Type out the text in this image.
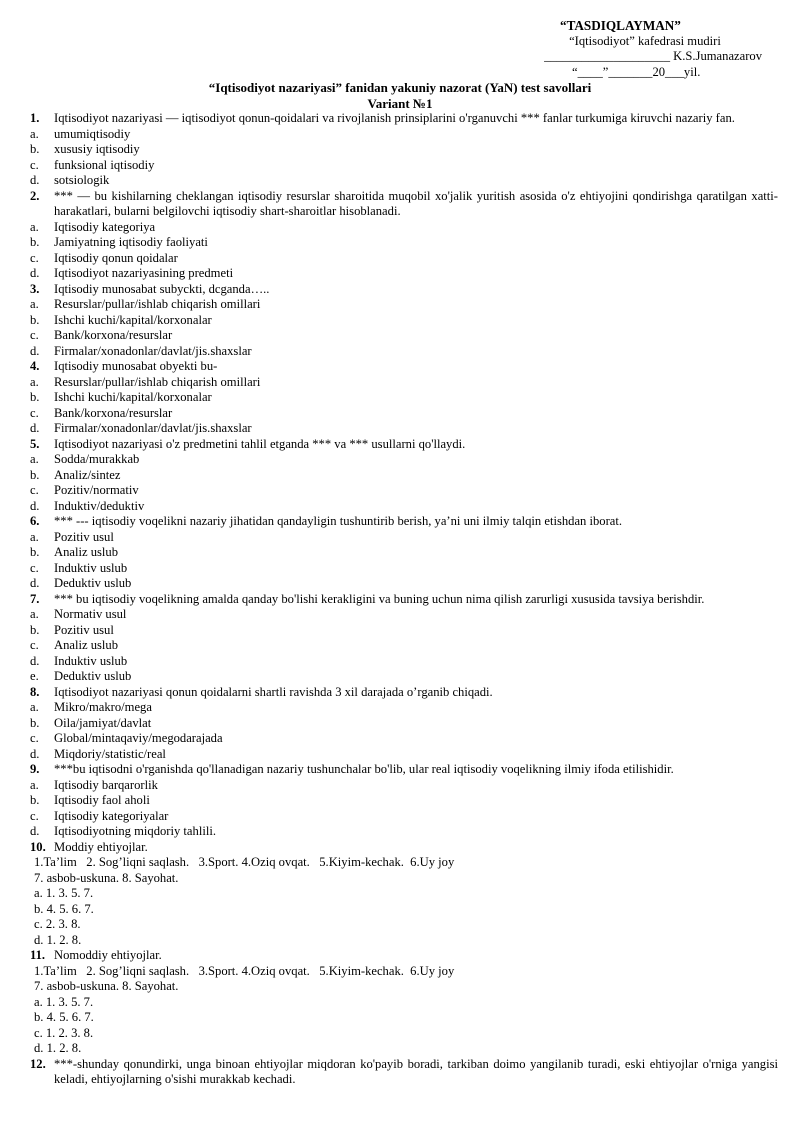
“TASDIQLAYMAN”
“Iqtisodiyot” kafedrasi mudiri
____________________ K.S.Jumanazarov
“____”_______20___yil.
“Iqtisodiyot nazariyasi” fanidan yakuniy nazorat (YaN) test savollari
Variant №1
1.	Iqtisodiyot nazariyasi — iqtisodiyot qonun-qoidalari va rivojlanish prinsiplarini o'rganuvchi *** fanlar turkumiga kiruvchi nazariy fan.
a.	umumiqtisodiy
b.	xususiy iqtisodiy
c.	funksional iqtisodiy
d.	sotsiologik
2.	*** — bu kishilarning cheklangan iqtisodiy resurslar sharoitida muqobil xo'jalik yuritish asosida o'z ehtiyojini qondirishga qaratilgan xatti-harakatlari, bularni belgilovchi iqtisodiy shart-sharoitlar hisoblanadi.
a.	Iqtisodiy kategoriya
b.	Jamiyatning iqtisodiy faoliyati
c.	Iqtisodiy qonun qoidalar
d.	Iqtisodiyot nazariyasining predmeti
3.	Iqtisodiy munosabat subyckti, dcganda…..
a.	Resurslar/pullar/ishlab chiqarish omillari
b.	Ishchi kuchi/kapital/korxonalar
c.	Bank/korxona/resurslar
d.	Firmalar/xonadonlar/davlat/jis.shaxslar
4.	Iqtisodiy munosabat obyekti bu-
a.	Resurslar/pullar/ishlab chiqarish omillari
b.	Ishchi kuchi/kapital/korxonalar
c.	Bank/korxona/resurslar
d.	Firmalar/xonadonlar/davlat/jis.shaxslar
5.	Iqtisodiyot nazariyasi o'z predmetini tahlil etganda *** va *** usullarni qo'llaydi.
a.	Sodda/murakkab
b.	Analiz/sintez
c.	Pozitiv/normativ
d.	Induktiv/deduktiv
6.	*** --- iqtisodiy voqelikni nazariy jihatidan qandayligin tushuntirib berish, ya’ni uni ilmiy talqin etishdan iborat.
a.	Pozitiv usul
b.	Analiz uslub
c.	Induktiv uslub
d.	Deduktiv uslub
7.	*** bu iqtisodiy voqelikning amalda qanday bo'lishi kerakligini va buning uchun nima qilish zarurligi xususida tavsiya berishdir.
a.	Normativ usul
b.	Pozitiv usul
c.	Analiz uslub
d.	Induktiv uslub
e.	Deduktiv uslub
8.	Iqtisodiyot nazariyasi qonun qoidalarni shartli ravishda 3 xil darajada o’rganib chiqadi.
a.	Mikro/makro/mega
b.	Oila/jamiyat/davlat
c.	Global/mintaqaviy/megodarajada
d.	Miqdoriy/statistic/real
9.	***bu iqtisodni o'rganishda qo'llanadigan nazariy tushunchalar bo'lib, ular real iqtisodiy voqelikning ilmiy ifoda etilishidir.
a.	Iqtisodiy barqarorlik
b.	Iqtisodiy faol aholi
c.	Iqtisodiy kategoriyalar
d.	Iqtisodiyotning miqdoriy tahlili.
10. Moddiy ehtiyojlar.
1.Ta’lim   2. Sog’liqni saqlash.   3.Sport. 4.Oziq ovqat.   5.Kiyim-kechak.  6.Uy joy
7. asbob-uskuna. 8. Sayohat.
a. 1. 3. 5. 7.
b. 4. 5. 6. 7.
c. 2. 3. 8.
d. 1. 2. 8.
11. Nomoddiy ehtiyojlar.
1.Ta’lim   2. Sog’liqni saqlash.   3.Sport. 4.Oziq ovqat.   5.Kiyim-kechak.  6.Uy joy
7. asbob-uskuna. 8. Sayohat.
a. 1. 3. 5. 7.
b. 4. 5. 6. 7.
c. 1. 2. 3. 8.
d. 1. 2. 8.
12. ***-shunday qonundirki, unga binoan ehtiyojlar miqdoran ko'payib boradi, tarkiban doimo yangilanib turadi, eski ehtiyojlar o'rniga yangisi keladi, ehtiyojlarning o'sishi murakkab kechadi.
